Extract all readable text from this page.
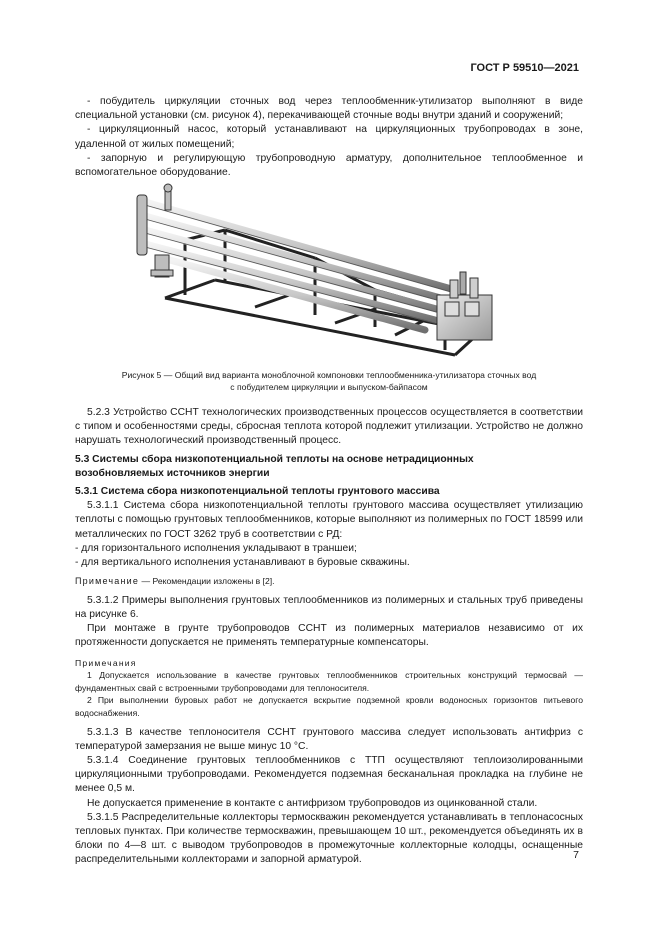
ГОСТ Р 59510—2021

- побудитель циркуляции сточных вод через теплообменник-утилизатор выполняют в виде специальной установки (см. рисунок 4), перекачивающей сточные воды внутри зданий и сооружений;

- циркуляционный насос, который устанавливают на циркуляционных трубопроводах в зоне, удаленной от жилых помещений;

- запорную и регулирующую трубопроводную арматуру, дополнительное теплообменное и вспомогательное оборудование.

Рисунок 5 — Общий вид варианта моноблочной компоновки теплообменника-утилизатора сточных вод
с побудителем циркуляции и выпуском-байпасом

5.2.3 Устройство ССНТ технологических производственных процессов осуществляется в соответствии с типом и особенностями среды, сбросная теплота которой подлежит утилизации. Устройство не должно нарушать технологический производственный процесс.

5.3 Системы сбора низкопотенциальной теплоты на основе нетрадиционных
возобновляемых источников энергии

5.3.1 Система сбора низкопотенциальной теплоты грунтового массива

5.3.1.1 Система сбора низкопотенциальной теплоты грунтового массива осуществляет утилизацию теплоты с помощью грунтовых теплообменников, которые выполняют из полимерных по ГОСТ 18599 или металлических по ГОСТ 3262 труб в соответствии с РД:

- для горизонтального исполнения укладывают в траншеи;

- для вертикального исполнения устанавливают в буровые скважины.

Примечание — Рекомендации изложены в [2].

5.3.1.2 Примеры выполнения грунтовых теплообменников из полимерных и стальных труб приведены на рисунке 6.

При монтаже в грунте трубопроводов ССНТ из полимерных материалов независимо от их протяженности допускается не применять температурные компенсаторы.

Примечания

1 Допускается использование в качестве грунтовых теплообменников строительных конструкций термосвай — фундаментных свай с встроенными трубопроводами для теплоносителя.

2 При выполнении буровых работ не допускается вскрытие подземной кровли водоносных горизонтов питьевого водоснабжения.

5.3.1.3 В качестве теплоносителя ССНТ грунтового массива следует использовать антифриз с температурой замерзания не выше минус 10 °С.

5.3.1.4 Соединение грунтовых теплообменников с ТТП осуществляют теплоизолированными циркуляционными трубопроводами. Рекомендуется подземная бесканальная прокладка на глубине не менее 0,5 м.

Не допускается применение в контакте с антифризом трубопроводов из оцинкованной стали.

5.3.1.5 Распределительные коллекторы термоскважин рекомендуется устанавливать в теплонасосных тепловых пунктах. При количестве термоскважин, превышающем 10 шт., рекомендуется объединять их в блоки по 4—8 шт. с выводом трубопроводов в промежуточные коллекторные колодцы, оснащенные распределительными коллекторами и запорной арматурой.	7
